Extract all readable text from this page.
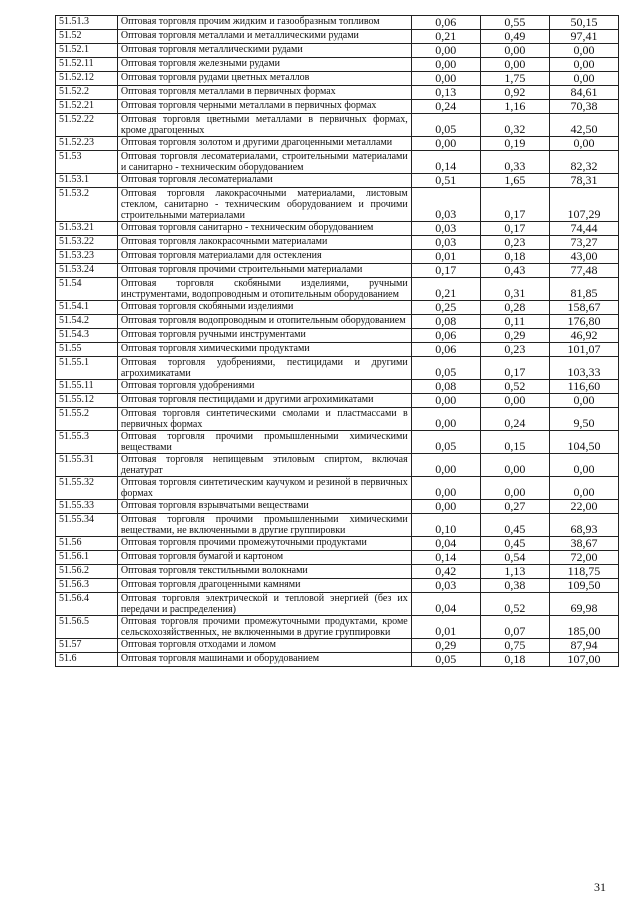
51.51.3	Оптовая торговля прочим жидким и газообразным топливом	0,06	0,55	50,15
51.52	Оптовая торговля металлами и металлическими рудами	0,21	0,49	97,41
51.52.1	Оптовая торговля металлическими рудами	0,00	0,00	0,00
51.52.11	Оптовая торговля железными рудами	0,00	0,00	0,00
51.52.12	Оптовая торговля рудами цветных металлов	0,00	1,75	0,00
51.52.2	Оптовая торговля металлами в первичных формах	0,13	0,92	84,61
51.52.21	Оптовая торговля черными металлами в первичных формах	0,24	1,16	70,38
51.52.22	Оптовая торговля цветными металлами в первичных формах, кроме драгоценных	0,05	0,32	42,50
51.52.23	Оптовая торговля золотом и другими драгоценными металлами	0,00	0,19	0,00
51.53	Оптовая торговля лесоматериалами, строительными материалами и санитарно - техническим оборудованием	0,14	0,33	82,32
51.53.1	Оптовая торговля лесоматериалами	0,51	1,65	78,31
51.53.2	Оптовая торговля лакокрасочными материалами, листовым стеклом, санитарно - техническим оборудованием и прочими строительными материалами	0,03	0,17	107,29
51.53.21	Оптовая торговля санитарно - техническим оборудованием	0,03	0,17	74,44
51.53.22	Оптовая торговля лакокрасочными материалами	0,03	0,23	73,27
51.53.23	Оптовая торговля материалами для остекления	0,01	0,18	43,00
51.53.24	Оптовая торговля прочими строительными материалами	0,17	0,43	77,48
51.54	Оптовая торговля скобяными изделиями, ручными инструментами, водопроводным и отопительным оборудованием	0,21	0,31	81,85
51.54.1	Оптовая торговля скобяными изделиями	0,25	0,28	158,67
51.54.2	Оптовая торговля водопроводным и отопительным оборудованием	0,08	0,11	176,80
51.54.3	Оптовая торговля ручными инструментами	0,06	0,29	46,92
51.55	Оптовая торговля химическими продуктами	0,06	0,23	101,07
51.55.1	Оптовая торговля удобрениями, пестицидами и другими агрохимикатами	0,05	0,17	103,33
51.55.11	Оптовая торговля удобрениями	0,08	0,52	116,60
51.55.12	Оптовая торговля пестицидами и другими агрохимикатами	0,00	0,00	0,00
51.55.2	Оптовая торговля синтетическими смолами и пластмассами в первичных формах	0,00	0,24	9,50
51.55.3	Оптовая торговля прочими промышленными химическими веществами	0,05	0,15	104,50
51.55.31	Оптовая торговля непищевым этиловым спиртом, включая денатурат	0,00	0,00	0,00
51.55.32	Оптовая торговля синтетическим каучуком и резиной в первичных формах	0,00	0,00	0,00
51.55.33	Оптовая торговля взрывчатыми веществами	0,00	0,27	22,00
51.55.34	Оптовая торговля прочими промышленными химическими веществами, не включенными в другие группировки	0,10	0,45	68,93
51.56	Оптовая торговля прочими промежуточными продуктами	0,04	0,45	38,67
51.56.1	Оптовая торговля бумагой и картоном	0,14	0,54	72,00
51.56.2	Оптовая торговля текстильными волокнами	0,42	1,13	118,75
51.56.3	Оптовая торговля драгоценными камнями	0,03	0,38	109,50
51.56.4	Оптовая торговля электрической и тепловой энергией (без их передачи и распределения)	0,04	0,52	69,98
51.56.5	Оптовая торговля прочими промежуточными продуктами, кроме сельскохозяйственных, не включенными в другие группировки	0,01	0,07	185,00
51.57	Оптовая торговля отходами и ломом	0,29	0,75	87,94
51.6	Оптовая торговля машинами и оборудованием	0,05	0,18	107,00
31
